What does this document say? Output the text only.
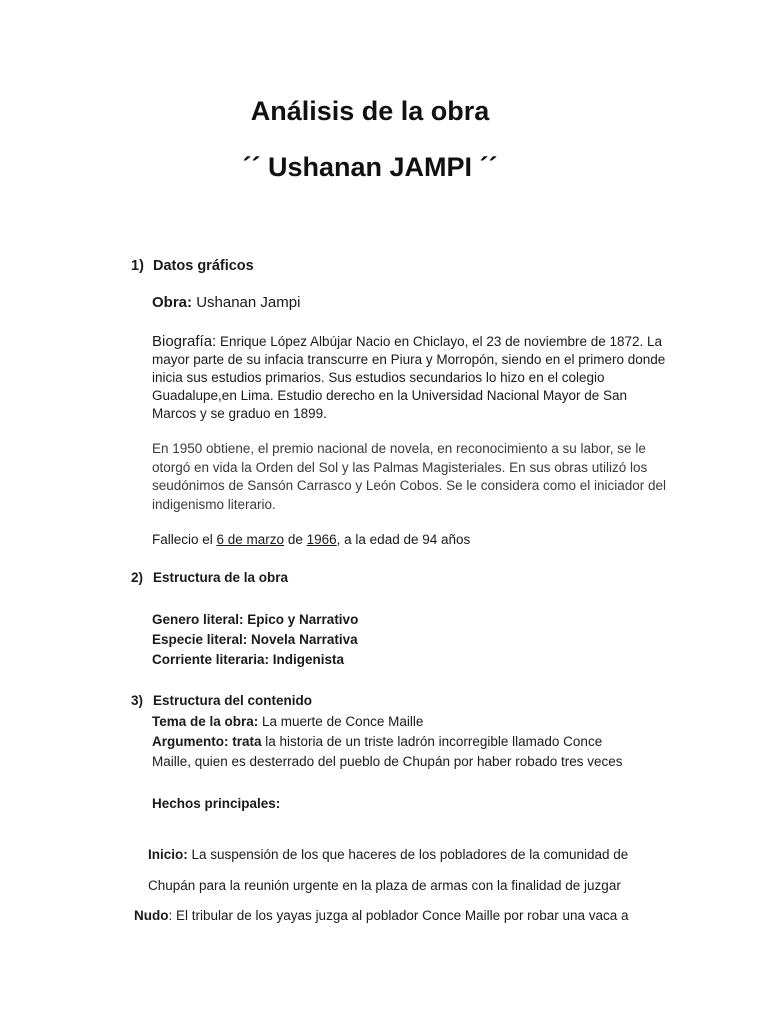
Análisis de la obra
´´ Ushanan JAMPI ´´
1) Datos gráficos
Obra: Ushanan Jampi
Biografía: Enrique López Albújar Nacio en Chiclayo, el 23 de noviembre de 1872. La mayor parte de su infacia transcurre en Piura y Morropón, siendo en el primero donde inicia sus estudios primarios. Sus estudios secundarios lo hizo en el colegio Guadalupe,en Lima. Estudio derecho en la Universidad Nacional Mayor de San Marcos y se graduo en 1899.
En 1950 obtiene, el premio nacional de novela, en reconocimiento a su labor, se le otorgó en vida la Orden del Sol y las Palmas Magisteriales. En sus obras utilizó los seudónimos de Sansón Carrasco y León Cobos. Se le considera como el iniciador del indigenismo literario.
Fallecio el 6 de marzo de 1966, a la edad de 94 años
2) Estructura de la obra
Genero literal: Epico y Narrativo
Especie literal: Novela Narrativa
Corriente literaria: Indigenista
3) Estructura del contenido
Tema de la obra: La muerte de Conce Maille
Argumento: trata la historia de un triste ladrón incorregible llamado Conce
Maille, quien es desterrado del pueblo de Chupán por haber robado tres veces
Hechos principales:
Inicio: La suspensión de los que haceres de los pobladores de la comunidad de
Chupán para la reunión urgente en la plaza de armas con la finalidad de juzgar
Nudo: El tribular de los yayas juzga al poblador Conce Maille por robar una vaca a
